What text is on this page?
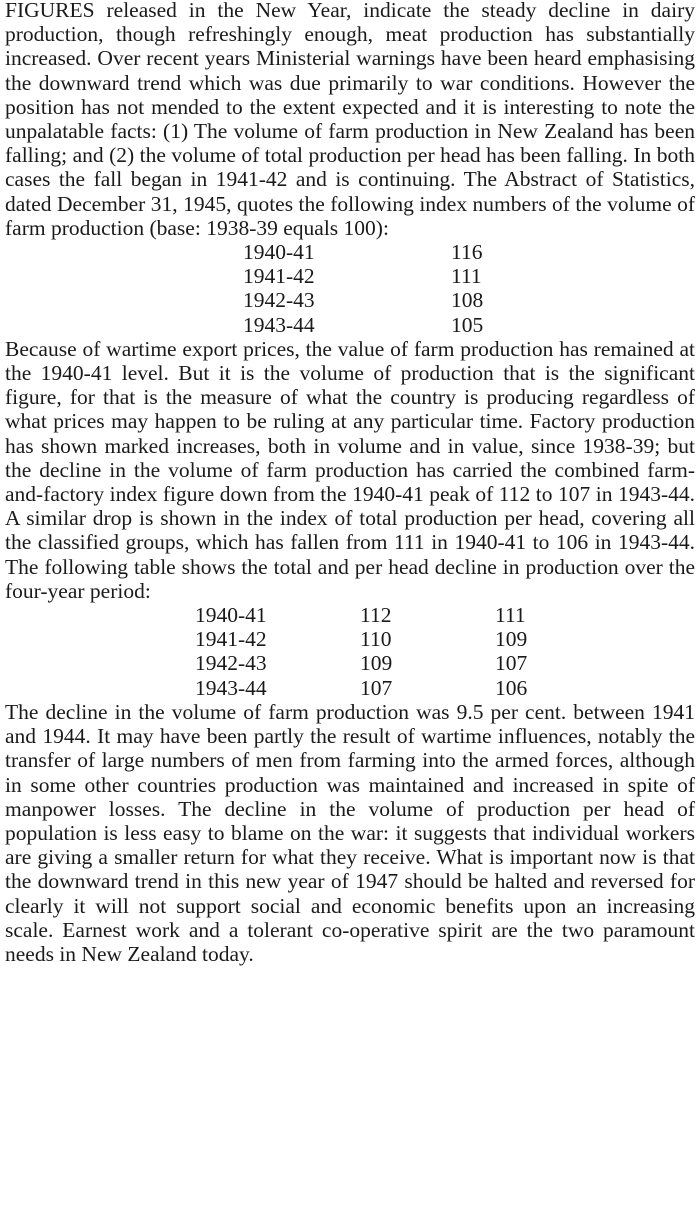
FIGURES released in the New Year, indicate the steady decline in dairy production, though refreshingly enough, meat production has substantially increased. Over recent years Ministerial warnings have been heard emphasising the downward trend which was due primarily to war conditions. However the position has not mended to the extent expected and it is interesting to note the unpalatable facts: (1) The volume of farm production in New Zealand has been falling; and (2) the volume of total production per head has been falling. In both cases the fall began in 1941-42 and is continuing. The Abstract of Statistics, dated December 31, 1945, quotes the following index numbers of the volume of farm production (base: 1938-39 equals 100):

1940-41	116
1941-42	111
1942-43	108
1943-44	105

Because of wartime export prices, the value of farm production has remained at the 1940-41 level. But it is the volume of production that is the significant figure, for that is the measure of what the country is producing regardless of what prices may happen to be ruling at any particular time. Factory production has shown marked increases, both in volume and in value, since 1938-39; but the decline in the volume of farm production has carried the combined farm-and-factory index figure down from the 1940-41 peak of 112 to 107 in 1943-44. A similar drop is shown in the index of total production per head, covering all the classified groups, which has fallen from 111 in 1940-41 to 106 in 1943-44. The following table shows the total and per head decline in production over the four-year period:

1940-41	112	111
1941-42	110	109
1942-43	109	107
1943-44	107	106

The decline in the volume of farm production was 9.5 per cent. between 1941 and 1944. It may have been partly the result of wartime influences, notably the transfer of large numbers of men from farming into the armed forces, although in some other countries production was maintained and increased in spite of manpower losses. The decline in the volume of production per head of population is less easy to blame on the war: it suggests that individual workers are giving a smaller return for what they receive. What is important now is that the downward trend in this new year of 1947 should be halted and reversed for clearly it will not support social and economic benefits upon an increasing scale. Earnest work and a tolerant co-operative spirit are the two paramount needs in New Zealand today.
